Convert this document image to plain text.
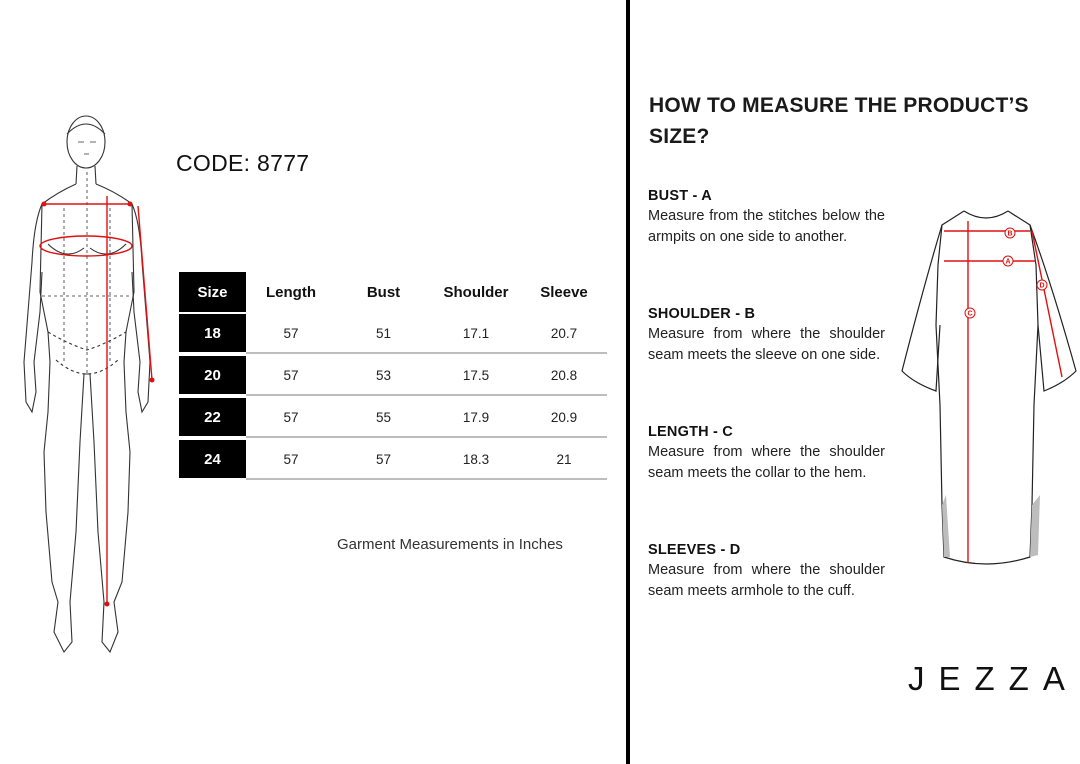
CODE: 8777
Size	Length	Bust	Shoulder	Sleeve
18	57	51	17.1	20.7
20	57	53	17.5	20.8
22	57	55	17.9	20.9
24	57	57	18.3	21
Garment Measurements in Inches
HOW TO MEASURE THE PRODUCT’S SIZE?
BUST - A

Measure from the stitches below the armpits on one side to another.

SHOULDER - B

Measure from where the shoulder seam meets the sleeve on one side.

LENGTH - C

Measure from where the shoulder seam meets the collar to the hem.

SLEEVES - D

Measure from where the shoulder seam meets armhole to the cuff.

B
A
D
C
JEZZA
